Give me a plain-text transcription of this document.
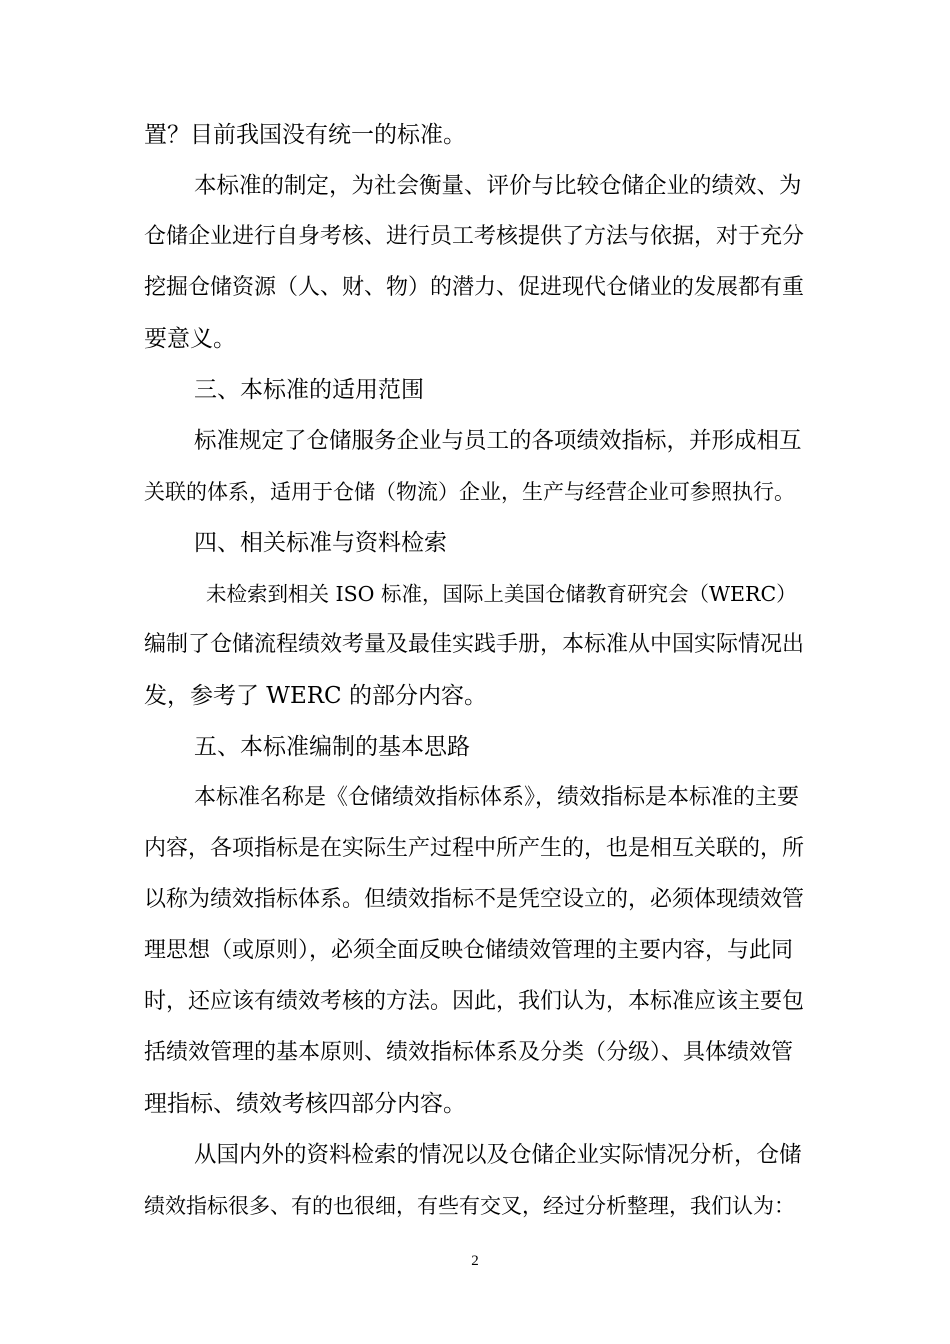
置？目前我国没有统一的标准。
本标准的制定，为社会衡量、评价与比较仓储企业的绩效、为
仓储企业进行自身考核、进行员工考核提供了方法与依据，对于充分
挖掘仓储资源（人、财、物）的潜力、促进现代仓储业的发展都有重
要意义。
三、本标准的适用范围
标准规定了仓储服务企业与员工的各项绩效指标，并形成相互
关联的体系，适用于仓储（物流）企业，生产与经营企业可参照执行。
四、相关标准与资料检索
未检索到相关 ISO 标准，国际上美国仓储教育研究会（WERC）
编制了仓储流程绩效考量及最佳实践手册，本标准从中国实际情况出
发，参考了 WERC 的部分内容。
五、本标准编制的基本思路
本标准名称是《仓储绩效指标体系》，绩效指标是本标准的主要
内容，各项指标是在实际生产过程中所产生的，也是相互关联的，所
以称为绩效指标体系。但绩效指标不是凭空设立的，必须体现绩效管
理思想（或原则），必须全面反映仓储绩效管理的主要内容，与此同
时，还应该有绩效考核的方法。因此，我们认为，本标准应该主要包
括绩效管理的基本原则、绩效指标体系及分类（分级）、具体绩效管
理指标、绩效考核四部分内容。
从国内外的资料检索的情况以及仓储企业实际情况分析，仓储
绩效指标很多、有的也很细，有些有交叉，经过分析整理，我们认为：
2
